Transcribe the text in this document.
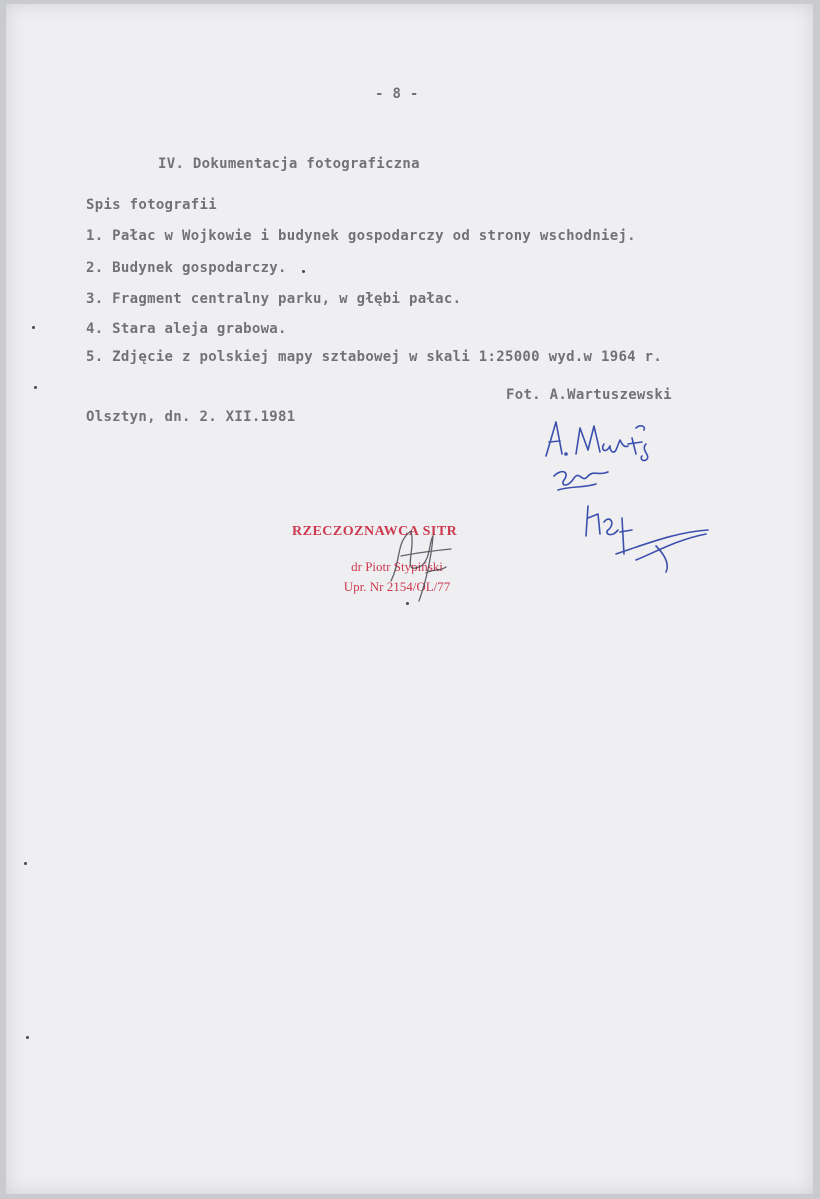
- 8 -
IV. Dokumentacja fotograficzna
Spis fotografii
1. Pałac w Wojkowie i budynek gospodarczy od strony wschodniej.
2. Budynek gospodarczy.
3. Fragment centralny parku, w głębi pałac.
4. Stara aleja grabowa.
5. Zdjęcie z polskiej mapy sztabowej w skali 1:25000 wyd.w 1964 r.
Fot. A.Wartuszewski
Olsztyn, dn. 2. XII.1981
RZECZOZNAWCA SITR
dr Piotr Stypiński
Upr. Nr 2154/OL/77
